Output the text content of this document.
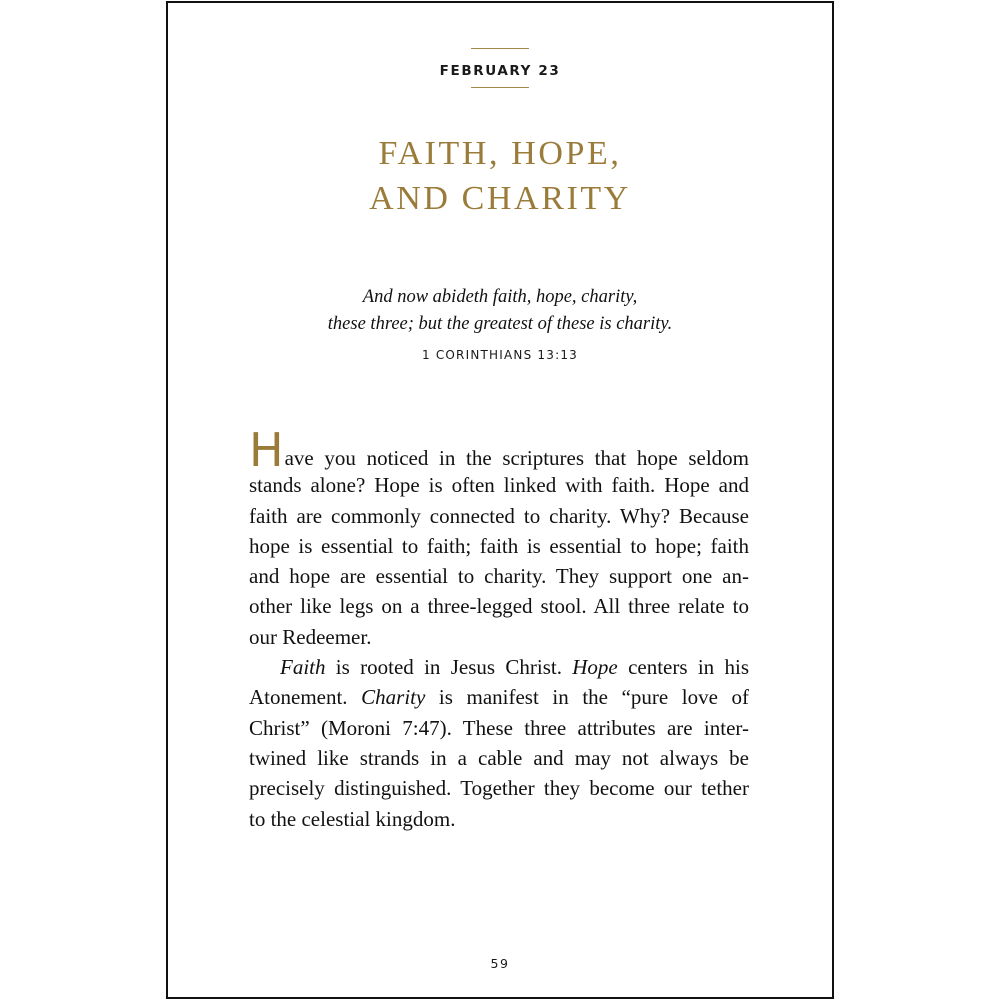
FEBRUARY 23
FAITH, HOPE,
AND CHARITY
And now abideth faith, hope, charity,
these three; but the greatest of these is charity.
1 CORINTHIANS 13:13
Have you noticed in the scriptures that hope seldom
stands alone? Hope is often linked with faith. Hope and
faith are commonly connected to charity. Why? Because
hope is essential to faith; faith is essential to hope; faith
and hope are essential to charity. They support one an-
other like legs on a three-legged stool. All three relate to
our Redeemer.
Faith is rooted in Jesus Christ. Hope centers in his
Atonement. Charity is manifest in the “pure love of
Christ” (Moroni 7:47). These three attributes are inter-
twined like strands in a cable and may not always be
precisely distinguished. Together they become our tether
to the celestial kingdom.
59
